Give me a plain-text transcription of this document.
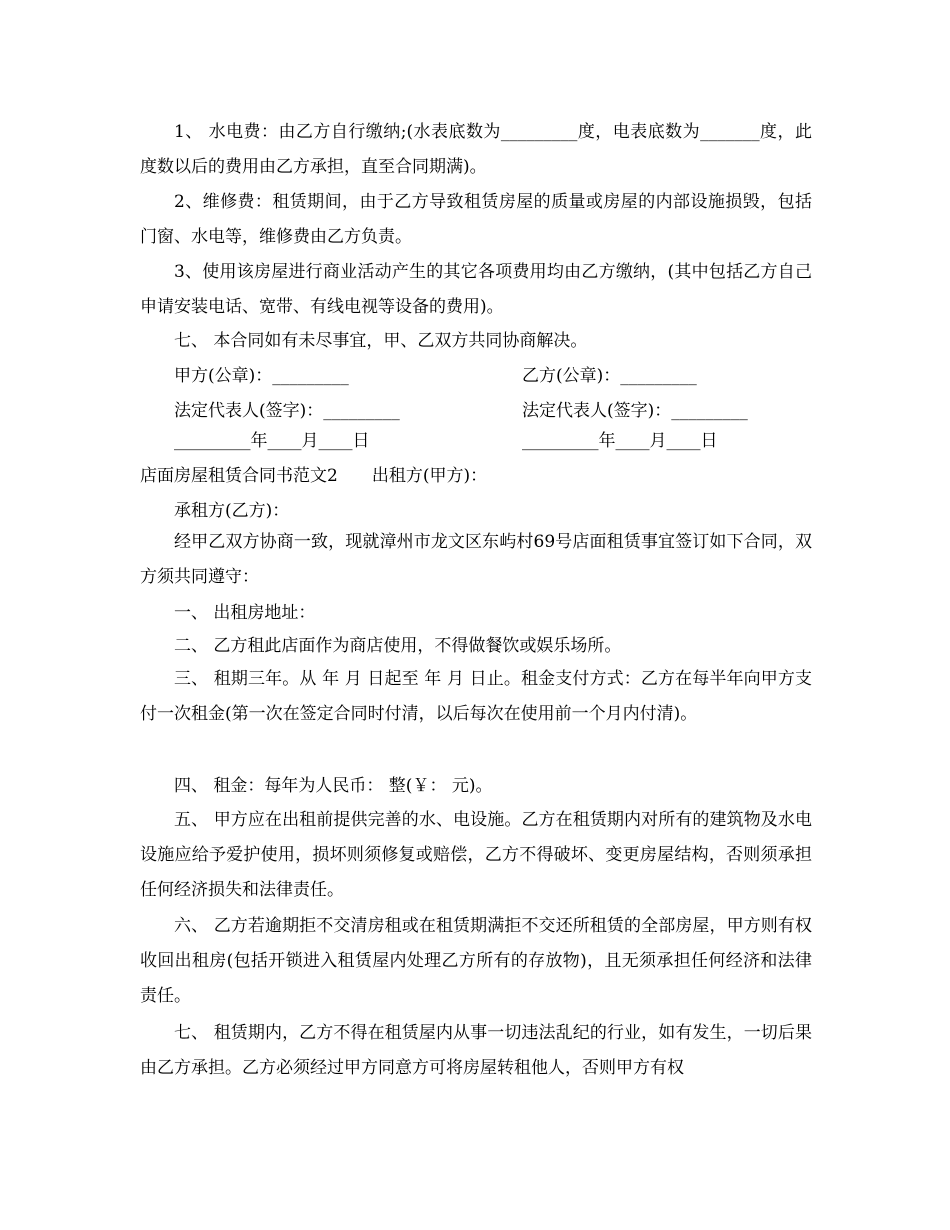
1、 水电费：由乙方自行缴纳;(水表底数为_________度，电表底数为_______度，此度数以后的费用由乙方承担，直至合同期满)。

2、维修费：租赁期间，由于乙方导致租赁房屋的质量或房屋的内部设施损毁，包括门窗、水电等，维修费由乙方负责。

3、使用该房屋进行商业活动产生的其它各项费用均由乙方缴纳，(其中包括乙方自己申请安装电话、宽带、有线电视等设备的费用)。

七、 本合同如有未尽事宜，甲、乙双方共同协商解决。

甲方(公章)：_________	乙方(公章)：_________
法定代表人(签字)：_________	法定代表人(签字)：_________
_________年____月____日	_________年____月____日

店面房屋租赁合同书范文2　　出租方(甲方)：

承租方(乙方)：

经甲乙双方协商一致，现就漳州市龙文区东屿村69号店面租赁事宜签订如下合同，双方须共同遵守：

一、 出租房地址：

二、 乙方租此店面作为商店使用，不得做餐饮或娱乐场所。

三、 租期三年。从 年 月 日起至 年 月 日止。租金支付方式：乙方在每半年向甲方支付一次租金(第一次在签定合同时付清，以后每次在使用前一个月内付清)。

四、 租金：每年为人民币： 整(￥： 元)。

五、 甲方应在出租前提供完善的水、电设施。乙方在租赁期内对所有的建筑物及水电设施应给予爱护使用，损坏则须修复或赔偿，乙方不得破坏、变更房屋结构，否则须承担任何经济损失和法律责任。

六、 乙方若逾期拒不交清房租或在租赁期满拒不交还所租赁的全部房屋，甲方则有权收回出租房(包括开锁进入租赁屋内处理乙方所有的存放物)，且无须承担任何经济和法律责任。

七、 租赁期内，乙方不得在租赁屋内从事一切违法乱纪的行业，如有发生，一切后果由乙方承担。乙方必须经过甲方同意方可将房屋转租他人，否则甲方有权
